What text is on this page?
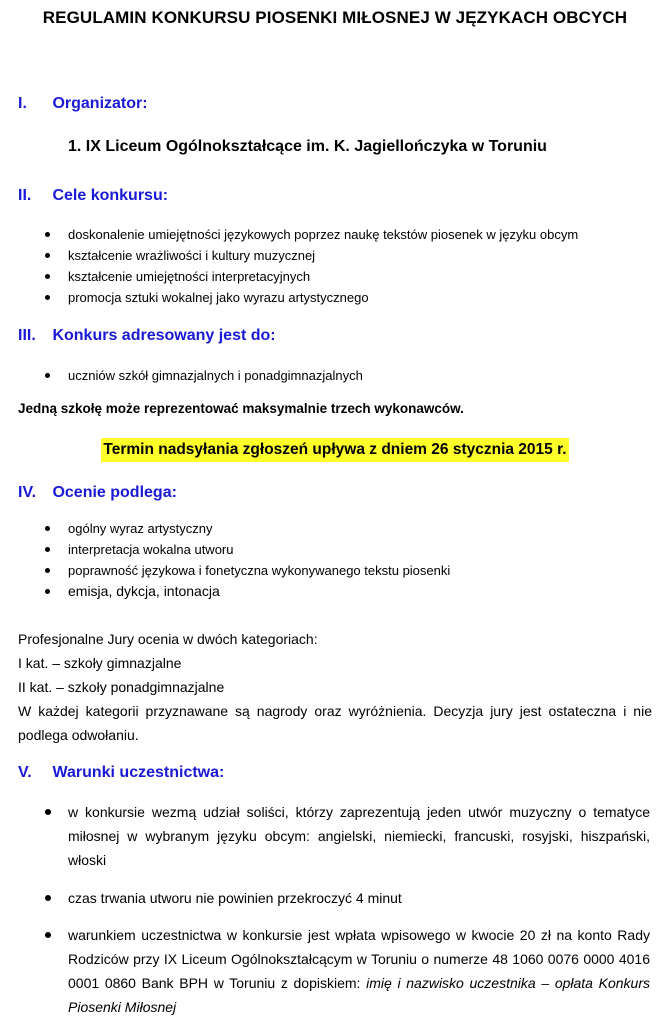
REGULAMIN KONKURSU PIOSENKI MIŁOSNEJ W JĘZYKACH OBCYCH
I. Organizator:
1. IX Liceum Ogólnokształcące im. K. Jagiellończyka w Toruniu
II. Cele konkursu:
doskonalenie umiejętności językowych poprzez naukę tekstów piosenek w języku obcym
kształcenie wrażliwości i kultury muzycznej
kształcenie umiejętności interpretacyjnych
promocja sztuki wokalnej jako wyrazu artystycznego
III. Konkurs adresowany jest do:
uczniów szkół gimnazjalnych i ponadgimnazjalnych
Jedną szkołę może reprezentować maksymalnie trzech wykonawców.
Termin nadsyłania zgłoszeń upływa z dniem 26 stycznia 2015 r.
IV. Ocenie podlega:
ogólny wyraz artystyczny
interpretacja wokalna utworu
poprawność językowa i fonetyczna wykonywanego tekstu piosenki
emisja, dykcja, intonacja

Profesjonalne Jury ocenia w dwóch kategoriach:

I kat. – szkoły gimnazjalne

II kat. – szkoły ponadgimnazjalne

W każdej kategorii przyznawane są nagrody oraz wyróżnienia. Decyzja jury jest ostateczna i nie podlega odwołaniu.

V. Warunki uczestnictwa:
w konkursie wezmą udział soliści, którzy zaprezentują jeden utwór muzyczny o tematyce miłosnej w wybranym języku obcym: angielski, niemiecki, francuski, rosyjski, hiszpański, włoski
czas trwania utworu nie powinien przekroczyć 4 minut
warunkiem uczestnictwa w konkursie jest wpłata wpisowego w kwocie 20 zł na konto Rady Rodziców przy IX Liceum Ogólnokształcącym w Toruniu o numerze 48 1060 0076 0000 4016 0001 0860 Bank BPH w Toruniu z dopiskiem: imię i nazwisko uczestnika – opłata Konkurs Piosenki Miłosnej
